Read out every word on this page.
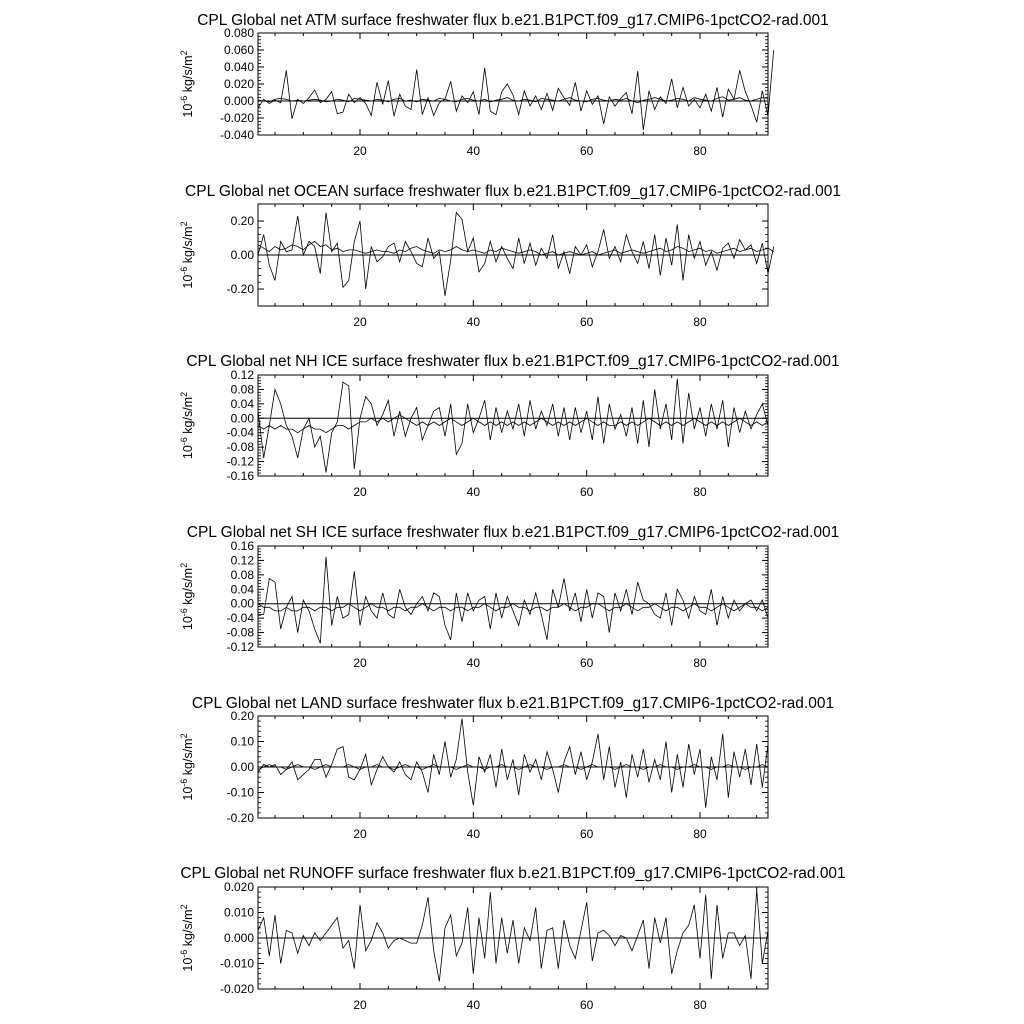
CPL Global net ATM surface freshwater flux b.e21.B1PCT.f09_g17.CMIP6-1pctCO2-rad.001
-0.040
-0.020
0.000
0.020
0.040
0.060
0.080
20	40	60	80
$10^{-6}$ $kg/s/m^2$
CPL Global net OCEAN surface freshwater flux b.e21.B1PCT.f09_g17.CMIP6-1pctCO2-rad.001
-0.20
0.00
0.20
20	40	60	80
$10^{-6}$ $kg/s/m^2$
CPL Global net NH ICE surface freshwater flux b.e21.B1PCT.f09_g17.CMIP6-1pctCO2-rad.001
-0.16
-0.12
-0.08
-0.04
0.00
0.04
0.08
0.12
20	40	60	80
$10^{-6}$ $kg/s/m^2$
CPL Global net SH ICE surface freshwater flux b.e21.B1PCT.f09_g17.CMIP6-1pctCO2-rad.001
-0.12
-0.08
-0.04
0.00
0.04
0.08
0.12
0.16
20	40	60	80
$10^{-6}$ $kg/s/m^2$
CPL Global net LAND surface freshwater flux b.e21.B1PCT.f09_g17.CMIP6-1pctCO2-rad.001
-0.20
-0.10
0.00
0.10
0.20
20	40	60	80
$10^{-6}$ $kg/s/m^2$
CPL Global net RUNOFF surface freshwater flux b.e21.B1PCT.f09_g17.CMIP6-1pctCO2-rad.001
-0.020
-0.010
0.000
0.010
0.020
20	40	60	80
$10^{-6}$ $kg/s/m^2$
